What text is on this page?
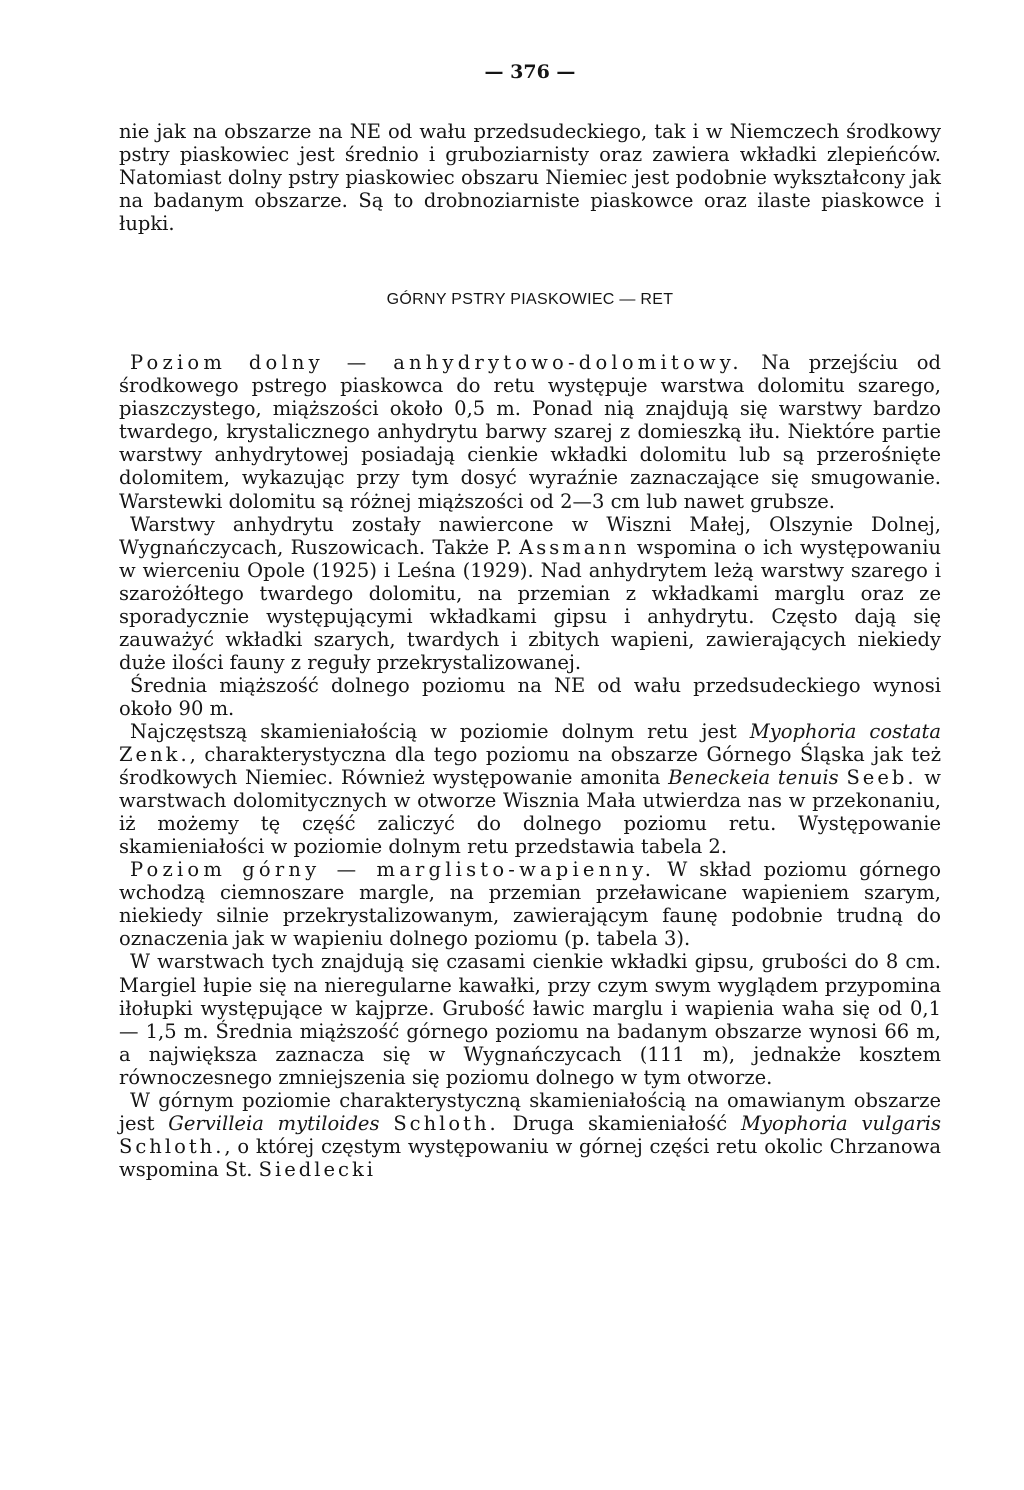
— 376 —

nie jak na obszarze na NE od wału przedsudeckiego, tak i w Niemczech środkowy pstry piaskowiec jest średnio i gruboziarnisty oraz zawiera wkładki zlepieńców. Natomiast dolny pstry piaskowiec obszaru Niemiec jest podobnie wykształcony jak na badanym obszarze. Są to drobnoziarniste piaskowce oraz ilaste piaskowce i łupki.

GÓRNY PSTRY PIASKOWIEC — RET

Poziom dolny — anhydrytowo-dolomitowy. Na przejściu od środkowego pstrego piaskowca do retu występuje warstwa dolomitu szarego, piaszczystego, miąższości około 0,5 m. Ponad nią znajdują się warstwy bardzo twardego, krystalicznego anhydrytu barwy szarej z domieszką iłu. Niektóre partie warstwy anhydrytowej posiadają cienkie wkładki dolomitu lub są przerośnięte dolomitem, wykazując przy tym dosyć wyraźnie zaznaczające się smugowanie. Warstewki dolomitu są różnej miąższości od 2—3 cm lub nawet grubsze.

Warstwy anhydrytu zostały nawiercone w Wiszni Małej, Olszynie Dolnej, Wygnańczycach, Ruszowicach. Także P. Assmann wspomina o ich występowaniu w wierceniu Opole (1925) i Leśna (1929). Nad anhydrytem leżą warstwy szarego i szarożółtego twardego dolomitu, na przemian z wkładkami marglu oraz ze sporadycznie występującymi wkładkami gipsu i anhydrytu. Często dają się zauważyć wkładki szarych, twardych i zbitych wapieni, zawierających niekiedy duże ilości fauny z reguły przekrystalizowanej.

Średnia miąższość dolnego poziomu na NE od wału przedsudeckiego wynosi około 90 m.

Najczęstszą skamieniałością w poziomie dolnym retu jest Myophoria costata Zenk., charakterystyczna dla tego poziomu na obszarze Górnego Śląska jak też środkowych Niemiec. Również występowanie amonita Beneckeia tenuis Seeb. w warstwach dolomitycznych w otworze Wisznia Mała utwierdza nas w przekonaniu, iż możemy tę część zaliczyć do dolnego poziomu retu. Występowanie skamieniałości w poziomie dolnym retu przedstawia tabela 2.

Poziom górny — marglisto-wapienny. W skład poziomu górnego wchodzą ciemnoszare margle, na przemian przeławicane wapieniem szarym, niekiedy silnie przekrystalizowanym, zawierającym faunę podobnie trudną do oznaczenia jak w wapieniu dolnego poziomu (p. tabela 3).

W warstwach tych znajdują się czasami cienkie wkładki gipsu, grubości do 8 cm. Margiel łupie się na nieregularne kawałki, przy czym swym wyglądem przypomina iłołupki występujące w kajprze. Grubość ławic marglu i wapienia waha się od 0,1 — 1,5 m. Średnia miąższość górnego poziomu na badanym obszarze wynosi 66 m, a największa zaznacza się w Wygnańczycach (111 m), jednakże kosztem równoczesnego zmniejszenia się poziomu dolnego w tym otworze.

W górnym poziomie charakterystyczną skamieniałością na omawianym obszarze jest Gervilleia mytiloides Schloth. Druga skamieniałość Myophoria vulgaris Schloth., o której częstym występowaniu w górnej części retu okolic Chrzanowa wspomina St. Siedlecki
